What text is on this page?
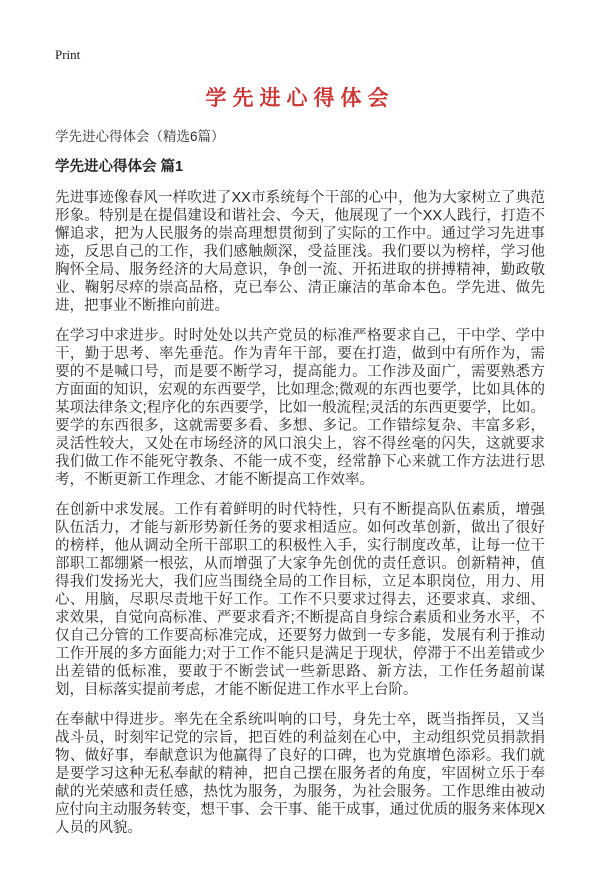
Print
学先进心得体会
学先进心得体会（精选6篇）
学先进心得体会 篇1

先进事迹像春风一样吹进了XX市系统每个干部的心中，他为大家树立了典范形象。特别是在提倡建设和谐社会、今天，他展现了一个XX人践行，打造不懈追求，把为人民服务的崇高理想贯彻到了实际的工作中。通过学习先进事迹，反思自己的工作，我们感触颇深，受益匪浅。我们要以为榜样，学习他胸怀全局、服务经济的大局意识，争创一流、开拓进取的拼搏精神，勤政敬业、鞠躬尽瘁的崇高品格，克已奉公、清正廉洁的革命本色。学先进、做先进，把事业不断推向前进。

在学习中求进步。时时处处以共产党员的标准严格要求自己，干中学、学中干，勤于思考、率先垂范。作为青年干部，要在打造，做到中有所作为，需要的不是喊口号，而是要不断学习，提高能力。工作涉及面广，需要熟悉方方面面的知识，宏观的东西要学，比如理念;微观的东西也要学，比如具体的某项法律条文;程序化的东西要学，比如一般流程;灵活的东西更要学，比如。要学的东西很多，这就需要多看、多想、多记。工作错综复杂、丰富多彩，灵活性较大，又处在市场经济的风口浪尖上，容不得丝毫的闪失，这就要求我们做工作不能死守教条、不能一成不变，经常静下心来就工作方法进行思考，不断更新工作理念、才能不断提高工作效率。

在创新中求发展。工作有着鲜明的时代特性，只有不断提高队伍素质，增强队伍活力，才能与新形势新任务的要求相适应。如何改革创新，做出了很好的榜样，他从调动全所干部职工的积极性入手，实行制度改革，让每一位干部职工都绷紧一根弦，从而增强了大家争先创优的责任意识。创新精神，值得我们发扬光大，我们应当围绕全局的工作目标，立足本职岗位，用力、用心、用脑，尽职尽责地干好工作。工作不只要求过得去，还要求真、求细、求效果，自觉向高标准、严要求看齐;不断提高自身综合素质和业务水平，不仅自己分管的工作要高标准完成，还要努力做到一专多能，发展有利于推动工作开展的多方面能力;对于工作不能只是满足于现状，停滞于不出差错或少出差错的低标准，要敢于不断尝试一些新思路、新方法，工作任务超前谋划，目标落实提前考虑，才能不断促进工作水平上台阶。

在奉献中得进步。率先在全系统叫响的口号，身先士卒，既当指挥员，又当战斗员，时刻牢记党的宗旨，把百姓的利益刻在心中，主动组织党员捐款捐物、做好事，奉献意识为他赢得了良好的口碑，也为党旗增色添彩。我们就是要学习这种无私奉献的精神，把自己摆在服务者的角度，牢固树立乐于奉献的光荣感和责任感，热忱为服务，为服务，为社会服务。工作思维由被动应付向主动服务转变，想干事、会干事、能干成事，通过优质的服务来体现X人员的风貌。
